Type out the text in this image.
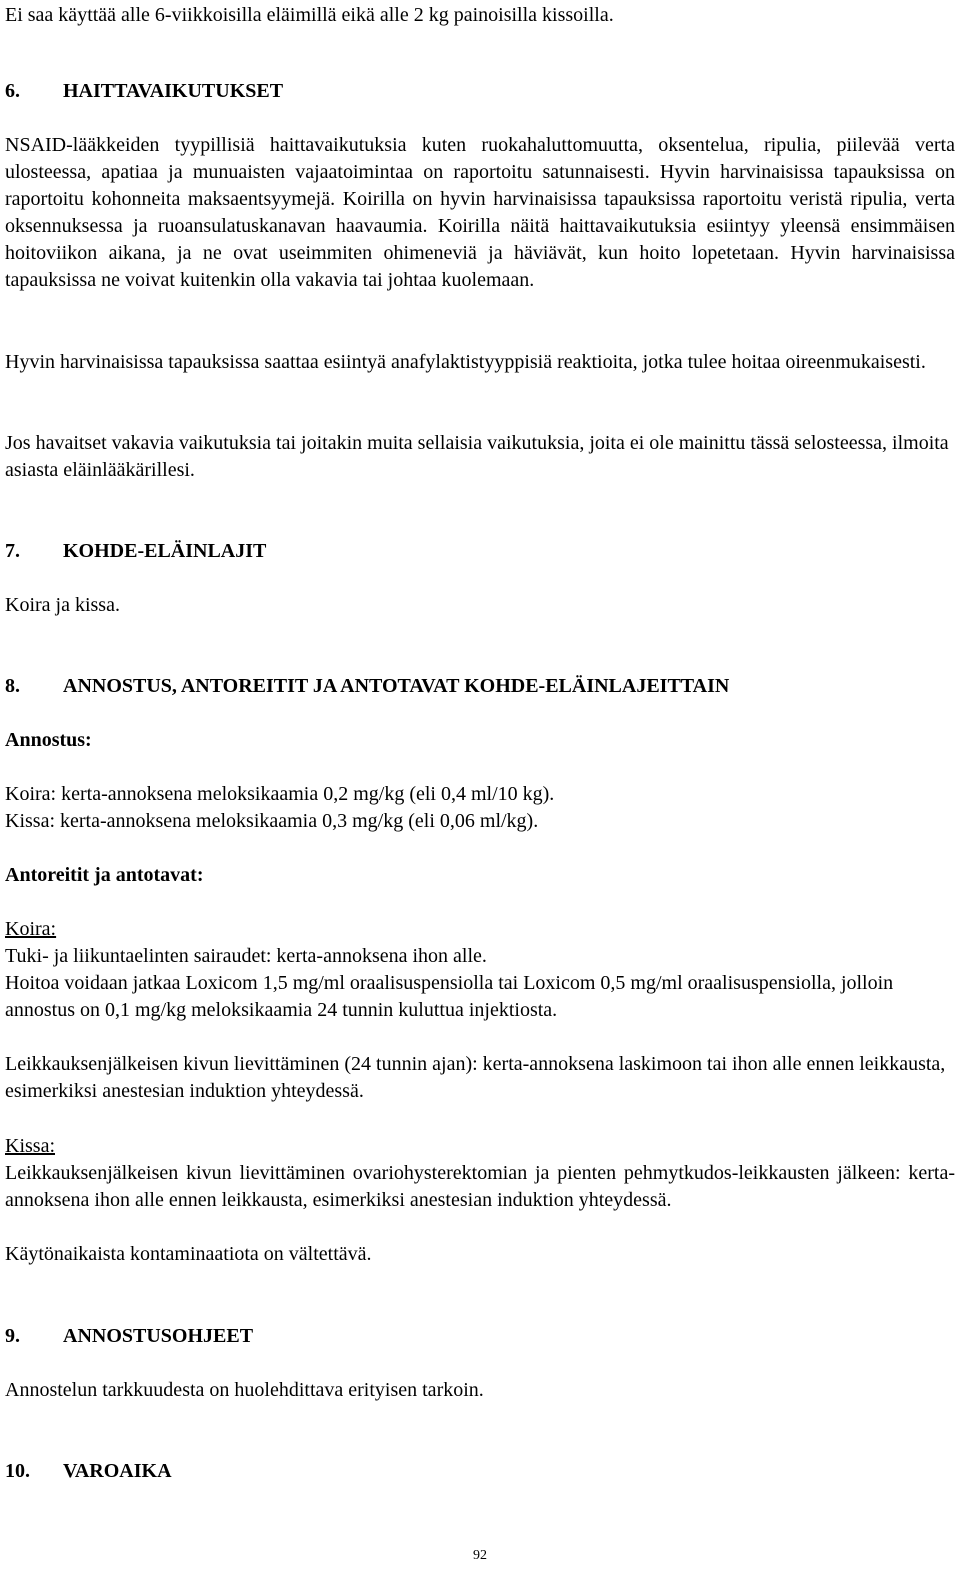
Ei saa käyttää alle 6-viikkoisilla eläimillä eikä alle 2 kg painoisilla kissoilla.
6.	HAITTAVAIKUTUKSET
NSAID-lääkkeiden tyypillisiä haittavaikutuksia kuten ruokahaluttomuutta, oksentelua, ripulia, piilevää verta ulosteessa, apatiaa ja munuaisten vajaatoimintaa on raportoitu satunnaisesti. Hyvin harvinaisissa tapauksissa on raportoitu kohonneita maksaentsyymejä. Koirilla on hyvin harvinaisissa tapauksissa raportoitu veristä ripulia, verta oksennuksessa ja ruoansulatuskanavan haavaumia. Koirilla näitä haittavaikutuksia esiintyy yleensä ensimmäisen hoitoviikon aikana, ja ne ovat useimmiten ohimeneviä ja häviävät, kun hoito lopetetaan. Hyvin harvinaisissa tapauksissa ne voivat kuitenkin olla vakavia tai johtaa kuolemaan.
Hyvin harvinaisissa tapauksissa saattaa esiintyä anafylaktistyyppisiä reaktioita, jotka tulee hoitaa oireenmukaisesti.
Jos havaitset vakavia vaikutuksia tai joitakin muita sellaisia vaikutuksia, joita ei ole mainittu tässä selosteessa, ilmoita asiasta eläinlääkärillesi.
7.	KOHDE-ELÄINLAJIT
Koira ja kissa.
8.	ANNOSTUS, ANTOREITIT JA ANTOTAVAT KOHDE-ELÄINLAJEITTAIN
Annostus:
Koira: kerta-annoksena meloksikaamia 0,2 mg/kg (eli 0,4 ml/10 kg).
Kissa: kerta-annoksena meloksikaamia 0,3 mg/kg (eli 0,06 ml/kg).
Antoreitit ja antotavat:
Koira:
Tuki- ja liikuntaelinten sairaudet: kerta-annoksena ihon alle.
Hoitoa voidaan jatkaa Loxicom 1,5 mg/ml oraalisuspensiolla tai Loxicom 0,5 mg/ml oraalisuspensiolla, jolloin annostus on 0,1 mg/kg meloksikaamia 24 tunnin kuluttua injektiosta.
Leikkauksenjälkeisen kivun lievittäminen (24 tunnin ajan): kerta-annoksena laskimoon tai ihon alle ennen leikkausta, esimerkiksi anestesian induktion yhteydessä.
Kissa:
Leikkauksenjälkeisen kivun lievittäminen ovariohysterektomian ja pienten pehmytkudos-leikkausten jälkeen: kerta-annoksena ihon alle ennen leikkausta, esimerkiksi anestesian induktion yhteydessä.
Käytönaikaista kontaminaatiota on vältettävä.
9.	ANNOSTUSOHJEET
Annostelun tarkkuudesta on huolehdittava erityisen tarkoin.
10.	VAROAIKA
92
